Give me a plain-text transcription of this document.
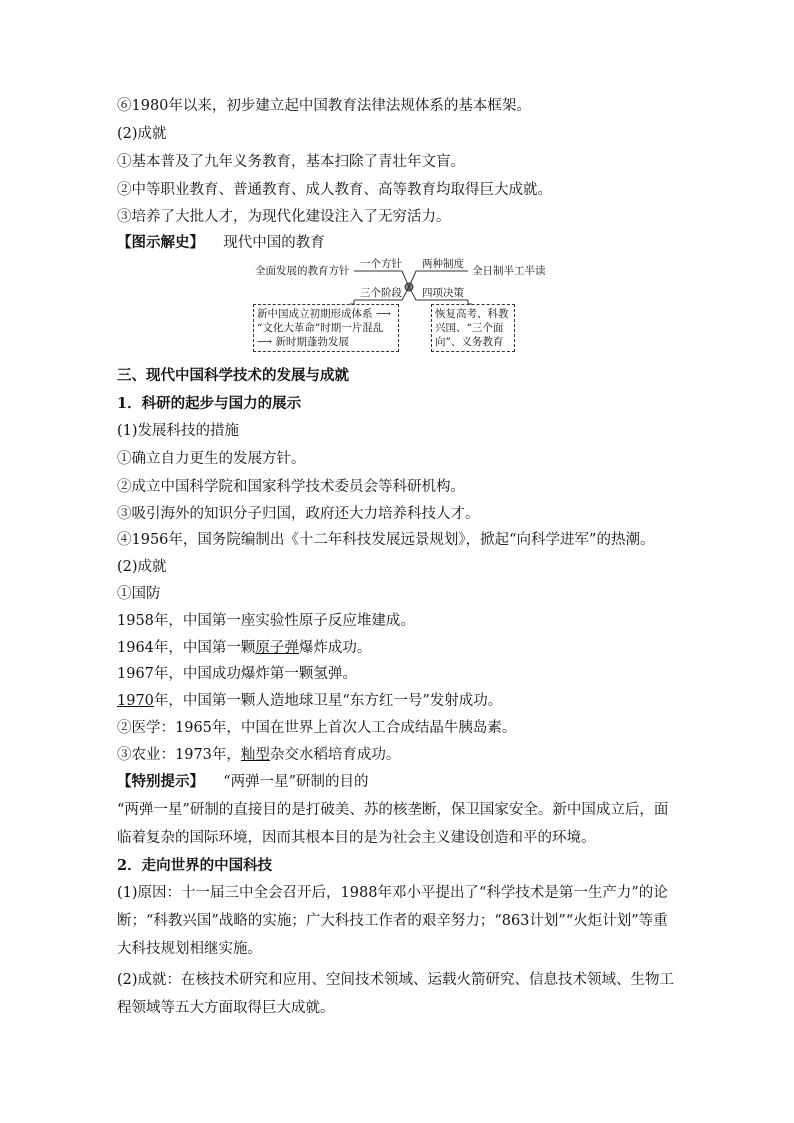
⑥1980年以来，初步建立起中国教育法律法规体系的基本框架。
(2)成就
①基本普及了九年义务教育，基本扫除了青壮年文盲。
②中等职业教育、普通教育、成人教育、高等教育均取得巨大成就。
③培养了大批人才，为现代化建设注入了无穷活力。
【图示解史】 现代中国的教育
全面发展的教育方针
一个方针 两种制度
全日制半工半读
三个阶段 四项决策
新中国成立初期形成体系 ⟶
“文化大革命”时期一片混乱
⟶ 新时期蓬勃发展
恢复高考、科教
兴国、“三个面
向”、义务教育
三、现代中国科学技术的发展与成就
1．科研的起步与国力的展示
(1)发展科技的措施
①确立自力更生的发展方针。
②成立中国科学院和国家科学技术委员会等科研机构。
③吸引海外的知识分子归国，政府还大力培养科技人才。
④1956年，国务院编制出《十二年科技发展远景规划》，掀起“向科学进军”的热潮。
(2)成就
①国防
1958年，中国第一座实验性原子反应堆建成。
1964年，中国第一颗原子弹爆炸成功。
1967年，中国成功爆炸第一颗氢弹。
1970年，中国第一颗人造地球卫星“东方红一号”发射成功。
②医学：1965年，中国在世界上首次人工合成结晶牛胰岛素。
③农业：1973年，籼型杂交水稻培育成功。
【特别提示】 “两弹一星”研制的目的
“两弹一星”研制的直接目的是打破美、苏的核垄断，保卫国家安全。新中国成立后，面临着复杂的国际环境，因而其根本目的是为社会主义建设创造和平的环境。
2．走向世界的中国科技
(1)原因：十一届三中全会召开后，1988年邓小平提出了“科学技术是第一生产力”的论断；“科教兴国”战略的实施；广大科技工作者的艰辛努力；“863计划”“火炬计划”等重大科技规划相继实施。
(2)成就：在核技术研究和应用、空间技术领域、运载火箭研究、信息技术领域、生物工程领域等五大方面取得巨大成就。
